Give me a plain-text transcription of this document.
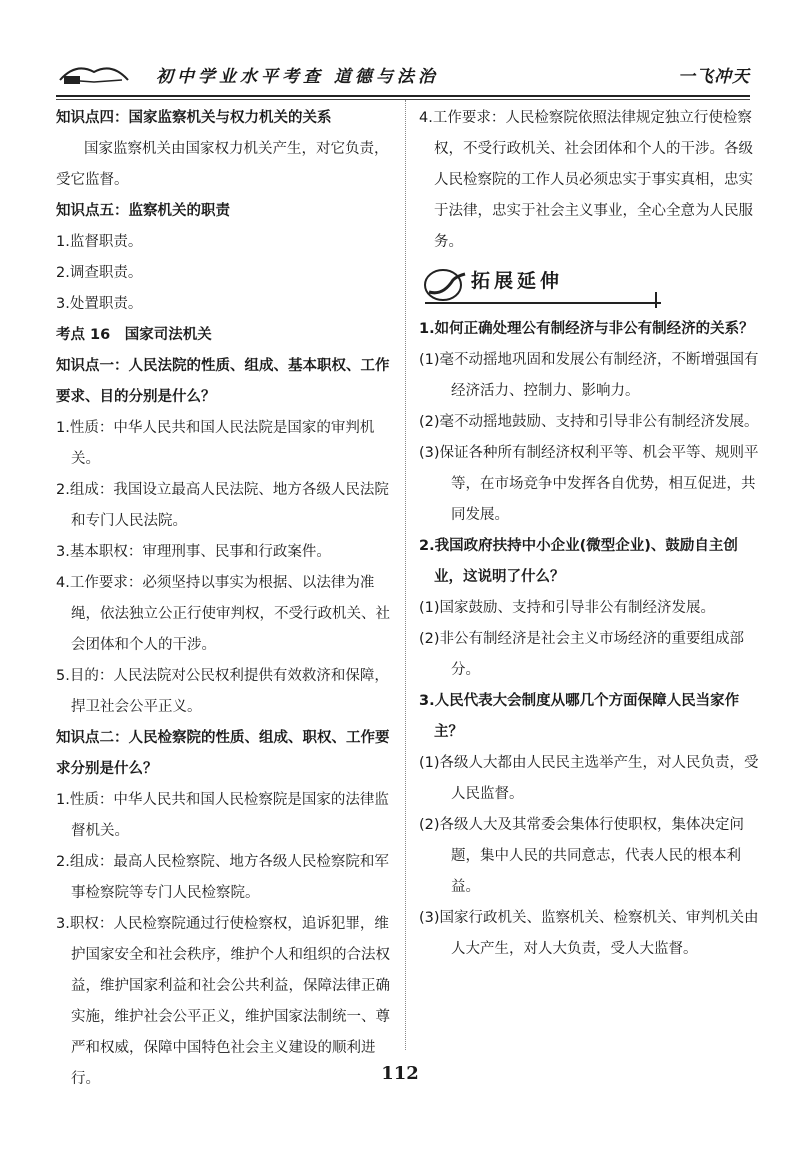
初中学业水平考查 道德与法治	一飞冲天
知识点四：国家监察机关与权力机关的关系
国家监察机关由国家权力机关产生，对它负责，受它监督。
知识点五：监察机关的职责
1.监督职责。
2.调查职责。
3.处置职责。
考点 16　国家司法机关
知识点一：人民法院的性质、组成、基本职权、工作要求、目的分别是什么？
1.性质：中华人民共和国人民法院是国家的审判机关。
2.组成：我国设立最高人民法院、地方各级人民法院和专门人民法院。
3.基本职权：审理刑事、民事和行政案件。
4.工作要求：必须坚持以事实为根据、以法律为准绳，依法独立公正行使审判权，不受行政机关、社会团体和个人的干涉。
5.目的：人民法院对公民权利提供有效救济和保障，捍卫社会公平正义。
知识点二：人民检察院的性质、组成、职权、工作要求分别是什么？
1.性质：中华人民共和国人民检察院是国家的法律监督机关。
2.组成：最高人民检察院、地方各级人民检察院和军事检察院等专门人民检察院。
3.职权：人民检察院通过行使检察权，追诉犯罪，维护国家安全和社会秩序，维护个人和组织的合法权益，维护国家利益和社会公共利益，保障法律正确实施，维护社会公平正义，维护国家法制统一、尊严和权威，保障中国特色社会主义建设的顺利进行。
4.工作要求：人民检察院依照法律规定独立行使检察权，不受行政机关、社会团体和个人的干涉。各级人民检察院的工作人员必须忠实于事实真相，忠实于法律，忠实于社会主义事业，全心全意为人民服务。
拓展延伸
1.如何正确处理公有制经济与非公有制经济的关系？
(1)毫不动摇地巩固和发展公有制经济，不断增强国有经济活力、控制力、影响力。
(2)毫不动摇地鼓励、支持和引导非公有制经济发展。
(3)保证各种所有制经济权利平等、机会平等、规则平等，在市场竞争中发挥各自优势，相互促进，共同发展。
2.我国政府扶持中小企业(微型企业)、鼓励自主创业，这说明了什么？
(1)国家鼓励、支持和引导非公有制经济发展。
(2)非公有制经济是社会主义市场经济的重要组成部分。
3.人民代表大会制度从哪几个方面保障人民当家作主？
(1)各级人大都由人民民主选举产生，对人民负责，受人民监督。
(2)各级人大及其常委会集体行使职权，集体决定问题，集中人民的共同意志，代表人民的根本利益。
(3)国家行政机关、监察机关、检察机关、审判机关由人大产生，对人大负责，受人大监督。
112
